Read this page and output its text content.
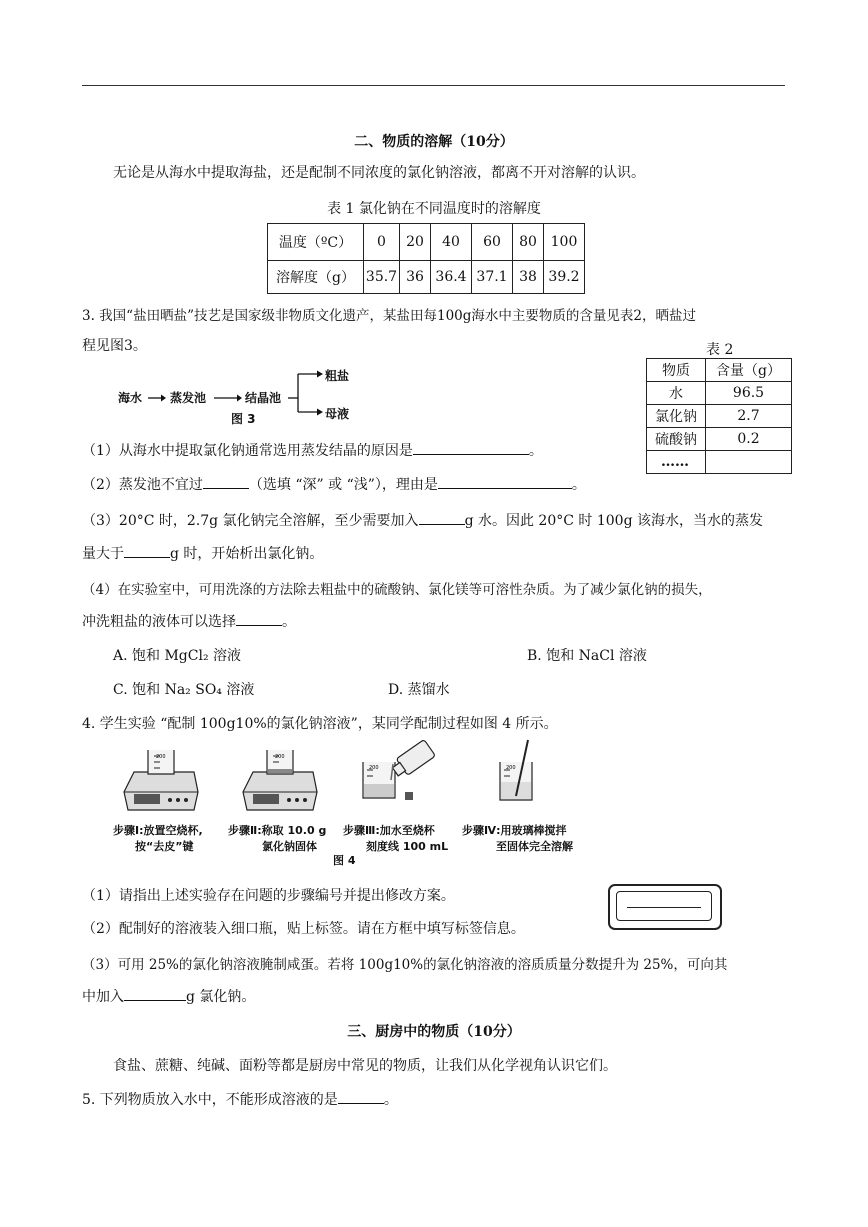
二、物质的溶解（10分）
无论是从海水中提取海盐，还是配制不同浓度的氯化钠溶液，都离不开对溶解的认识。
表 1 氯化钠在不同温度时的溶解度
温度（ºC）	0	20	40	60	80	100
溶解度（g）	35.7	36	36.4	37.1	38	39.2
3. 我国“盐田晒盐”技艺是国家级非物质文化遗产，某盐田每100g海水中主要物质的含量见表2，晒盐过
程见图3。
海水 蒸发池	结晶池
粗盐
母液
图 3
表 2
物质	含量（g）
水	96.5
氯化钠	2.7
硫酸钠	0.2
……	
（1）从海水中提取氯化钠通常选用蒸发结晶的原因是	。
（2）蒸发池不宜过	（选填 “深” 或 “浅”），理由是	。
（3）20°C 时，2.7g 氯化钠完全溶解，至少需要加入	g 水。因此 20°C 时 100g 该海水，当水的蒸发
量大于	g 时，开始析出氯化钠。
（4）在实验室中，可用洗涤的方法除去粗盐中的硫酸钠、氯化镁等可溶性杂质。为了减少氯化钠的损失，
冲洗粗盐的液体可以选择	。
A. 饱和 MgCl₂ 溶液	B. 饱和 NaCl 溶液
C. 饱和 Na₂ SO₄ 溶液	D. 蒸馏水
4. 学生实验 “配制 100g10%的氯化钠溶液”，某同学配制过程如图 4 所示。
200	200
200	200
步骤Ⅰ:放置空烧杯,
按“去皮”键
步骤Ⅱ:称取 10.0 g
氯化钠固体
步骤Ⅲ:加水至烧杯
刻度线 100 mL
步骤Ⅳ:用玻璃棒搅拌
至固体完全溶解
图 4
（1）请指出上述实验存在问题的步骤编号并提出修改方案。
（2）配制好的溶液装入细口瓶，贴上标签。请在方框中填写标签信息。
（3）可用 25%的氯化钠溶液腌制咸蛋。若将 100g10%的氯化钠溶液的溶质质量分数提升为 25%，可向其
中加入	g 氯化钠。
三、厨房中的物质（10分）
食盐、蔗糖、纯碱、面粉等都是厨房中常见的物质，让我们从化学视角认识它们。
5. 下列物质放入水中，不能形成溶液的是	。
